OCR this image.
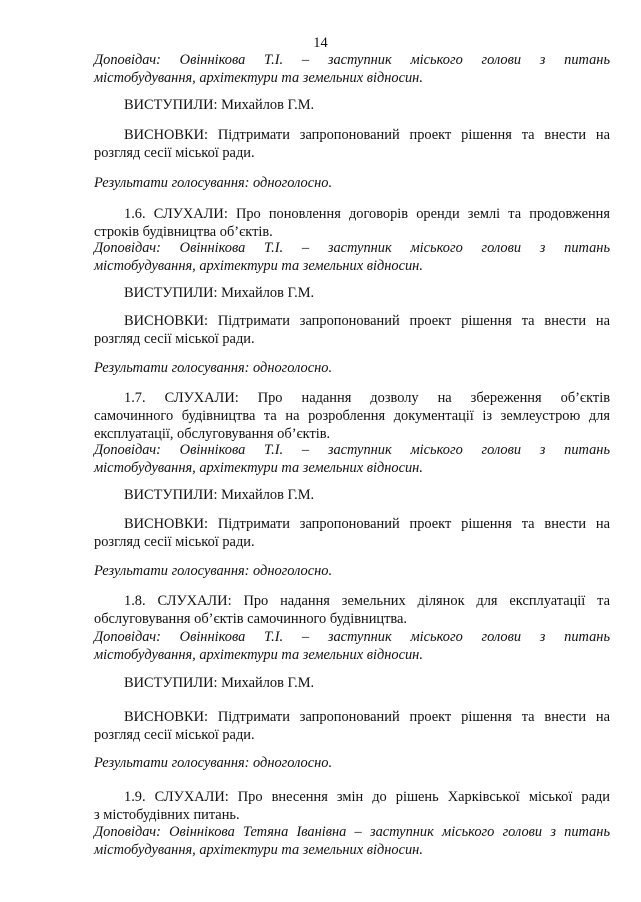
14
Доповідач: Овіннікова Т.І. – заступник міського голови з питань
містобудування, архітектури та земельних відносин.
ВИСТУПИЛИ: Михайлов Г.М.
ВИСНОВКИ: Підтримати запропонований проект рішення та внести на
розгляд сесії міської ради.
Результати голосування: одноголосно.
1.6. СЛУХАЛИ: Про поновлення договорів оренди землі та продовження
строків будівництва об’єктів.
Доповідач: Овіннікова Т.І. – заступник міського голови з питань
містобудування, архітектури та земельних відносин.
ВИСТУПИЛИ: Михайлов Г.М.
ВИСНОВКИ: Підтримати запропонований проект рішення та внести на
розгляд сесії міської ради.
Результати голосування: одноголосно.
1.7. СЛУХАЛИ: Про надання дозволу на збереження об’єктів
самочинного будівництва та на розроблення документації із землеустрою для
експлуатації, обслуговування об’єктів.
Доповідач: Овіннікова Т.І. – заступник міського голови з питань
містобудування, архітектури та земельних відносин.
ВИСТУПИЛИ: Михайлов Г.М.
ВИСНОВКИ: Підтримати запропонований проект рішення та внести на
розгляд сесії міської ради.
Результати голосування: одноголосно.
1.8. СЛУХАЛИ: Про надання земельних ділянок для експлуатації та
обслуговування об’єктів самочинного будівництва.
Доповідач: Овіннікова Т.І. – заступник міського голови з питань
містобудування, архітектури та земельних відносин.
ВИСТУПИЛИ: Михайлов Г.М.
ВИСНОВКИ: Підтримати запропонований проект рішення та внести на
розгляд сесії міської ради.
Результати голосування: одноголосно.
1.9. СЛУХАЛИ: Про внесення змін до рішень Харківської міської ради
з містобудівних питань.
Доповідач: Овіннікова Тетяна Іванівна – заступник міського голови з питань
містобудування, архітектури та земельних відносин.
